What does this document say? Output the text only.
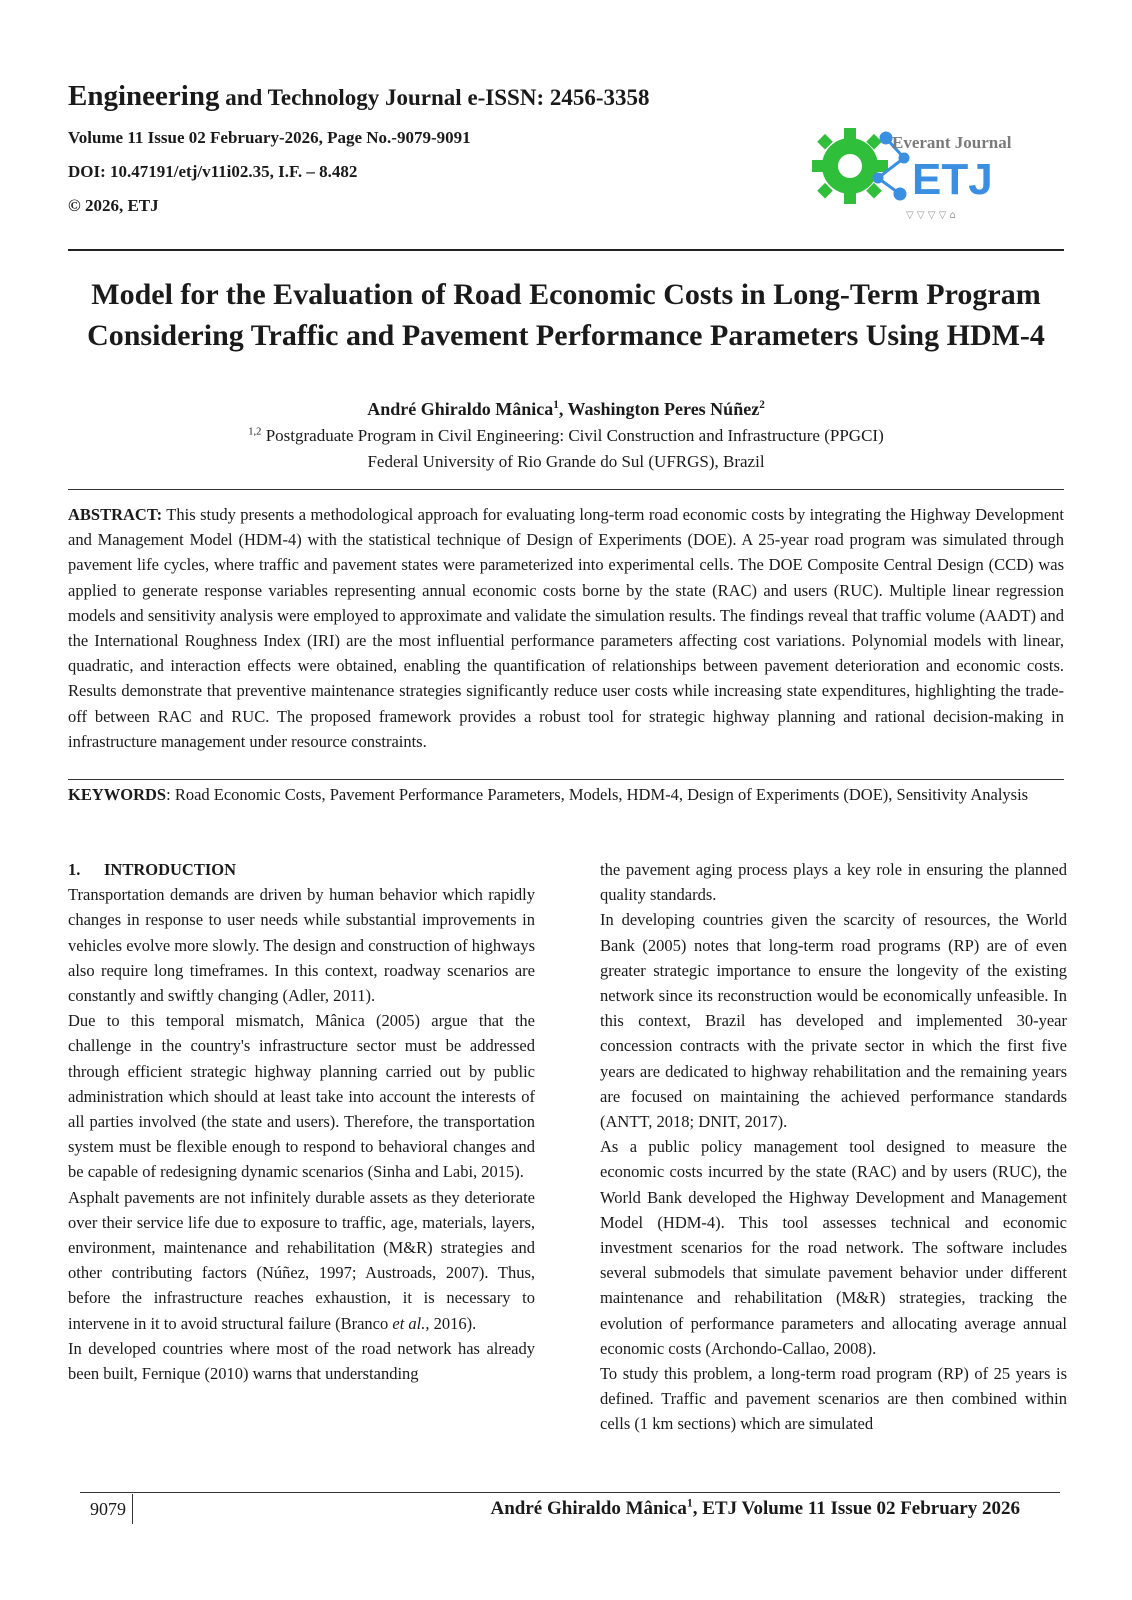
Engineering and Technology Journal e-ISSN: 2456-3358
Volume 11 Issue 02 February-2026, Page No.-9079-9091
DOI: 10.47191/etj/v11i02.35, I.F. – 8.482
© 2026, ETJ
Everant Journal
ETJ
▽ ▽ ▽ ▽ ⌂
Model for the Evaluation of Road Economic Costs in Long-Term Program
Considering Traffic and Pavement Performance Parameters Using HDM-4
André Ghiraldo Mânica$^1$, Washington Peres Núñez$^2$
$^{1,2}$ Postgraduate Program in Civil Engineering: Civil Construction and Infrastructure (PPGCI)
Federal University of Rio Grande do Sul (UFRGS), Brazil
ABSTRACT: This study presents a methodological approach for evaluating long-term road economic costs by integrating the Highway Development and Management Model (HDM-4) with the statistical technique of Design of Experiments (DOE). A 25-year road program was simulated through pavement life cycles, where traffic and pavement states were parameterized into experimental cells. The DOE Composite Central Design (CCD) was applied to generate response variables representing annual economic costs borne by the state (RAC) and users (RUC). Multiple linear regression models and sensitivity analysis were employed to approximate and validate the simulation results. The findings reveal that traffic volume (AADT) and the International Roughness Index (IRI) are the most influential performance parameters affecting cost variations. Polynomial models with linear, quadratic, and interaction effects were obtained, enabling the quantification of relationships between pavement deterioration and economic costs. Results demonstrate that preventive maintenance strategies significantly reduce user costs while increasing state expenditures, highlighting the trade-off between RAC and RUC. The proposed framework provides a robust tool for strategic highway planning and rational decision-making in infrastructure management under resource constraints.
KEYWORDS: Road Economic Costs, Pavement Performance Parameters, Models, HDM-4, Design of Experiments (DOE), Sensitivity Analysis
1. INTRODUCTION

Transportation demands are driven by human behavior which rapidly changes in response to user needs while substantial improvements in vehicles evolve more slowly. The design and construction of highways also require long timeframes. In this context, roadway scenarios are constantly and swiftly changing (Adler, 2011).

Due to this temporal mismatch, Mânica (2005) argue that the challenge in the country's infrastructure sector must be addressed through efficient strategic highway planning carried out by public administration which should at least take into account the interests of all parties involved (the state and users). Therefore, the transportation system must be flexible enough to respond to behavioral changes and be capable of redesigning dynamic scenarios (Sinha and Labi, 2015).

Asphalt pavements are not infinitely durable assets as they deteriorate over their service life due to exposure to traffic, age, materials, layers, environment, maintenance and rehabilitation (M&R) strategies and other contributing factors (Núñez, 1997; Austroads, 2007). Thus, before the infrastructure reaches exhaustion, it is necessary to intervene in it to avoid structural failure (Branco et al., 2016).

In developed countries where most of the road network has already been built, Fernique (2010) warns that understanding

the pavement aging process plays a key role in ensuring the planned quality standards.

In developing countries given the scarcity of resources, the World Bank (2005) notes that long-term road programs (RP) are of even greater strategic importance to ensure the longevity of the existing network since its reconstruction would be economically unfeasible. In this context, Brazil has developed and implemented 30-year concession contracts with the private sector in which the first five years are dedicated to highway rehabilitation and the remaining years are focused on maintaining the achieved performance standards (ANTT, 2018; DNIT, 2017).

As a public policy management tool designed to measure the economic costs incurred by the state (RAC) and by users (RUC), the World Bank developed the Highway Development and Management Model (HDM-4). This tool assesses technical and economic investment scenarios for the road network. The software includes several submodels that simulate pavement behavior under different maintenance and rehabilitation (M&R) strategies, tracking the evolution of performance parameters and allocating average annual economic costs (Archondo-Callao, 2008).

To study this problem, a long-term road program (RP) of 25 years is defined. Traffic and pavement scenarios are then combined within cells (1 km sections) which are simulated

9079	André Ghiraldo Mânica$^1$, ETJ Volume 11 Issue 02 February 2026
